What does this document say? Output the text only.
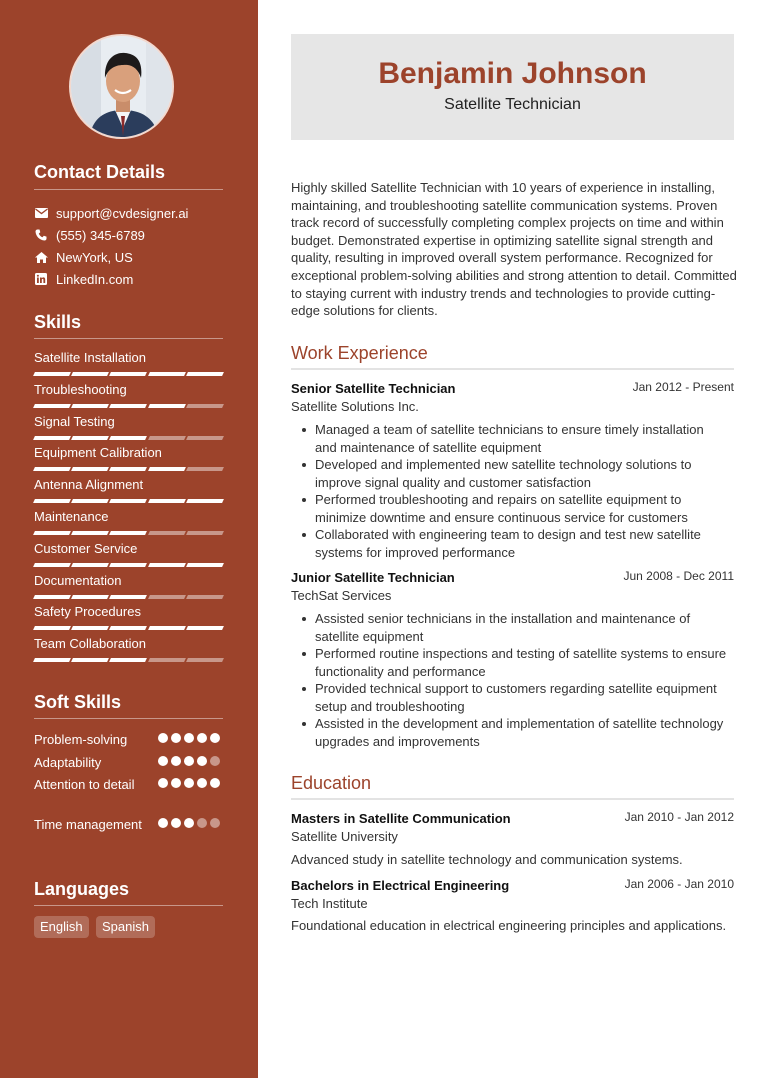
Contact Details
support@cvdesigner.ai
(555) 345-6789
NewYork, US
LinkedIn.com
Skills
Satellite Installation
Troubleshooting
Signal Testing
Equipment Calibration
Antenna Alignment
Maintenance
Customer Service
Documentation
Safety Procedures
Team Collaboration
Soft Skills
Problem-solving
Adaptability
Attention to detail
Time management
Languages
English	Spanish
Benjamin Johnson
Satellite Technician
Highly skilled Satellite Technician with 10 years of experience in installing, maintaining, and troubleshooting satellite communication systems. Proven track record of successfully completing complex projects on time and within budget. Demonstrated expertise in optimizing satellite signal strength and quality, resulting in improved overall system performance. Recognized for exceptional problem-solving abilities and strong attention to detail. Committed to staying current with industry trends and technologies to provide cutting-edge solutions for clients.
Work Experience
Senior Satellite Technician	Jan 2012 - Present
Satellite Solutions Inc.
Managed a team of satellite technicians to ensure timely installation and maintenance of satellite equipment
Developed and implemented new satellite technology solutions to improve signal quality and customer satisfaction
Performed troubleshooting and repairs on satellite equipment to minimize downtime and ensure continuous service for customers
Collaborated with engineering team to design and test new satellite systems for improved performance
Junior Satellite Technician	Jun 2008 - Dec 2011
TechSat Services
Assisted senior technicians in the installation and maintenance of satellite equipment
Performed routine inspections and testing of satellite systems to ensure functionality and performance
Provided technical support to customers regarding satellite equipment setup and troubleshooting
Assisted in the development and implementation of satellite technology upgrades and improvements
Education
Masters in Satellite Communication	Jan 2010 - Jan 2012
Satellite University
Advanced study in satellite technology and communication systems.
Bachelors in Electrical Engineering	Jan 2006 - Jan 2010
Tech Institute
Foundational education in electrical engineering principles and applications.
